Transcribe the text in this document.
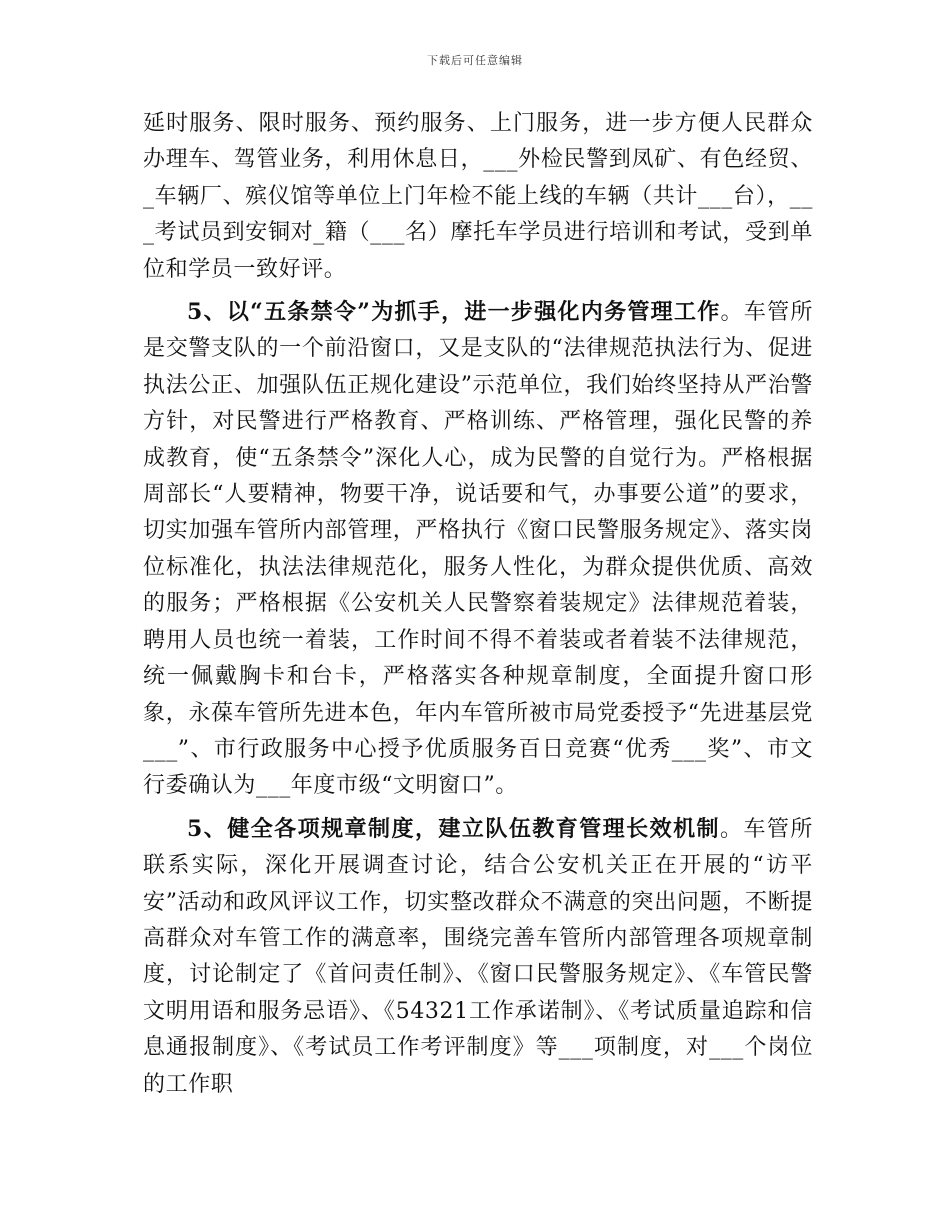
下载后可任意编辑

延时服务、限时服务、预约服务、上门服务，进一步方便人民群众办理车、驾管业务，利用休息日，___外检民警到凤矿、有色经贸、_车辆厂、殡仪馆等单位上门年检不能上线的车辆（共计___台），___考试员到安铜对_籍（___名）摩托车学员进行培训和考试，受到单位和学员一致好评。

5、以“五条禁令”为抓手，进一步强化内务管理工作。车管所是交警支队的一个前沿窗口，又是支队的“法律规范执法行为、促进执法公正、加强队伍正规化建设”示范单位，我们始终坚持从严治警方针，对民警进行严格教育、严格训练、严格管理，强化民警的养成教育，使“五条禁令”深化人心，成为民警的自觉行为。严格根据周部长“人要精神，物要干净，说话要和气，办事要公道”的要求，切实加强车管所内部管理，严格执行《窗口民警服务规定》、落实岗位标准化，执法法律规范化，服务人性化，为群众提供优质、高效的服务；严格根据《公安机关人民警察着装规定》法律规范着装，聘用人员也统一着装，工作时间不得不着装或者着装不法律规范，统一佩戴胸卡和台卡，严格落实各种规章制度，全面提升窗口形象，永葆车管所先进本色，年内车管所被市局党委授予“先进基层党___”、市行政服务中心授予优质服务百日竞赛“优秀___奖”、市文行委确认为___年度市级“文明窗口”。

5、健全各项规章制度，建立队伍教育管理长效机制。车管所联系实际，深化开展调查讨论，结合公安机关正在开展的“访平安”活动和政风评议工作，切实整改群众不满意的突出问题，不断提高群众对车管工作的满意率，围绕完善车管所内部管理各项规章制度，讨论制定了《首问责任制》、《窗口民警服务规定》、《车管民警文明用语和服务忌语》、《54321工作承诺制》、《考试质量追踪和信息通报制度》、《考试员工作考评制度》等___项制度，对___个岗位的工作职
